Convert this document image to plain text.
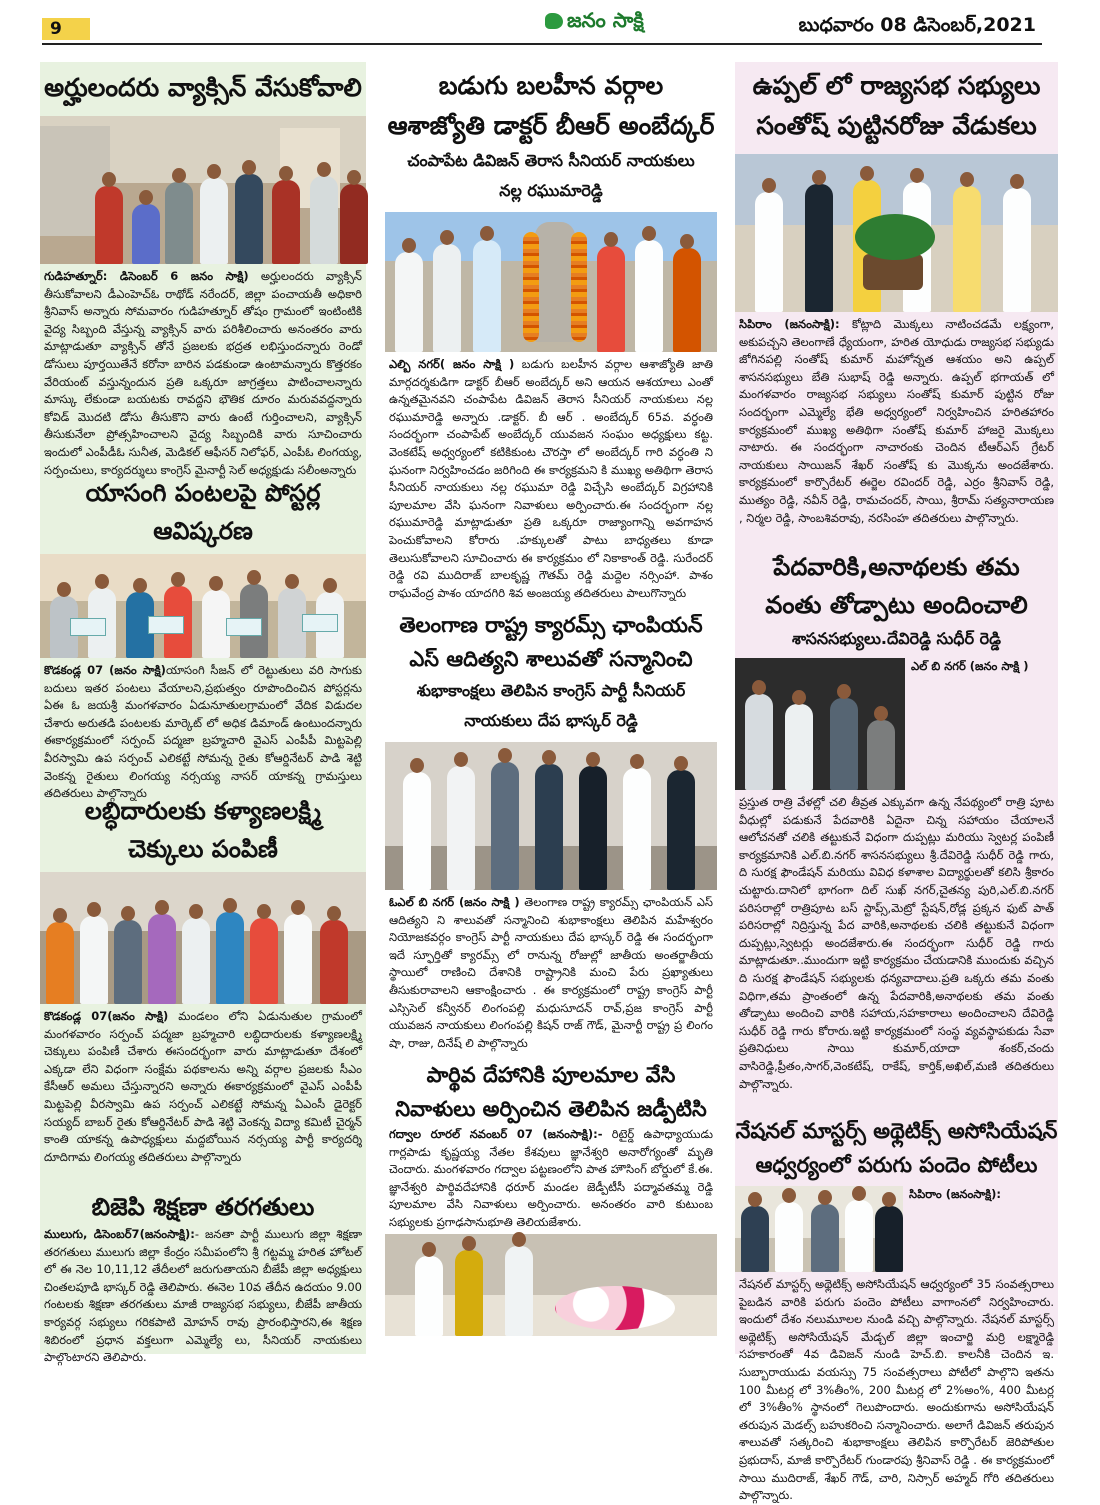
9	జనం సాక్షి	బుధవారం 08 డిసెంబర్,2021
అర్హులందరు వ్యాక్సిన్ వేసుకోవాలి

గుడిహత్నూర్: డిసెంబర్ 6 జనం సాక్షి) అర్హులందరు వ్యాక్సిన్ తీసుకోవాలని డీఎంహెచ్ఓ రాథోడ్ నరేందర్, జిల్లా పంచాయతీ అధికారి శ్రీనివాస్ అన్నారు సోమవారం గుడిహత్నూర్ తోషం గ్రామంలో ఇంటింటికి వైద్య సిబ్బంది వేస్తున్న వ్యాక్సిన్ వారు పరిశీలించారు అనంతరం వారు మాట్లాడుతూ వ్యాక్సిన్ తోనే ప్రజలకు భద్రత లభిస్తుందన్నారు రెండో డోసులు పూర్తయితేనే కరోనా బారిన పడకుండా ఉంటామన్నారు కొత్తరకం వేరియంట్ వస్తున్నందున ప్రతి ఒక్కరూ జాగ్రత్తలు పాటించాలన్నారు మాస్కు లేకుండా బయటకు రావద్దని భౌతిక దూరం మరువవద్దన్నారు కోవిడ్ మొదటి డోసు తీసుకొని వారు ఉంటే గుర్తించాలని, వ్యాక్సిన్ తీసుకునేలా ప్రోత్సహించాలని వైద్య సిబ్బందికి వారు సూచించారు ఇందులో ఎంపీడీఓ సునీత, మెడికల్ ఆఫీసర్ నిలోఫర్, ఎంపీఓ లింగయ్య, సర్పంచులు, కార్యదర్శులు కాంగ్రెస్ మైనార్టీ సెల్ అధ్యక్షుడు సలీంఅన్నారు

యాసంగి పంటలపై పోస్టర్ల
ఆవిష్కరణ

కొడకండ్ల 07 (జనం సాక్షి)యాసంగి సీజన్ లో రెట్టుతులు వరి సాగుకు బదులు ఇతర పంటలు వేయాలని,ప్రభుత్వం రూపొందించిన పోస్టర్లను ఏఈ ఓ జయశ్రీ మంగళవారం ఏడునూతులగ్రామంలో వేదిక విడుదల చేశారు అరుతడి పంటలకు మార్కెట్ లో అధిక డిమాండ్ ఉంటుందన్నారు ఈకార్యక్రమంలో సర్పంచ్ పద్మజా బ్రహ్మచారి వైఎస్ ఎంపీపీ మిట్టపెల్లి వీరస్వామి ఉప సర్పంచ్ ఎలికట్టే సోమన్న రైతు కోఆర్డినేటర్ పాడి శెట్టి వెంకన్న రైతులు లింగయ్య నర్సయ్య నాసర్ యాకన్న గ్రామస్తులు తదితరులు పాల్గొన్నారు

లబ్ధిదారులకు కళ్యాణలక్ష్మి
చెక్కులు పంపిణీ

కొడకండ్ల 07(జనం సాక్షి) మండలం లోని ఏడునుతుల గ్రామంలో మంగళవారం సర్పంచ్ పద్మజా బ్రహ్మచారి లబ్ధిదారులకు కళ్యాణలక్ష్మి చెక్కులు పంపిణీ చేశారు ఈసందర్భంగా వారు మాట్లాడుతూ దేశంలో ఎక్కడా లేని విధంగా సంక్షేమ పథకాలను అన్ని వర్గాల ప్రజలకు సీఎం కేసీఆర్ అమలు చేస్తున్నారని అన్నారు ఈకార్యక్రమంలో వైఎస్ ఎంపీపీ మిట్టపెల్లి వీరస్వామి ఉప సర్పంచ్ ఎలికట్టే సోమన్న ఏఎంసీ డైరెక్టర్ సయ్యద్ బాబర్ రైతు కోఆర్డినేటర్ పాడి శెట్టి వెంకన్న విద్యా కమిటీ చైర్మన్ కాంతి యాకన్న ఉపాధ్యక్షులు మద్దబోయిన నర్సయ్య పార్టీ కార్యదర్శి దూదిగామ లింగయ్య తదితరులు పాల్గొన్నారు

బిజెపి శిక్షణా తరగతులు

ములుగు, డిసెంబర్7(జనంసాక్షి):- జనతా పార్టీ ములుగు జిల్లా శిక్షణా తరగతులు ములుగు జిల్లా కేంద్రం సమీపంలోని శ్రీ గట్టమ్మ హరిత హోటల్ లో ఈ నెల 10,11,12 తేదీలలో జరుగుతాయని బీజేపీ జిల్లా అధ్యక్షులు చింతలపూడి భాస్కర్ రెడ్డి తెలిపారు. ఈనెల 10వ తేదీన ఉదయం 9.00 గంటలకు శిక్షణా తరగతులు మాజీ రాజ్యసభ సభ్యులు, బీజేపీ జాతీయ కార్యవర్గ సభ్యులు గరికపాటి మోహన్ రావు ప్రారంభిస్తారని,ఈ శిక్షణ శిబిరంలో ప్రధాన వక్తలుగా ఎమ్మెల్యే లు, సీనియర్ నాయకులు పాల్గొంటారని తెలిపారు.

బడుగు బలహీన వర్గాల
ఆశాజ్యోతి డాక్టర్ బీఆర్ అంబేద్కర్

చంపాపేట డివిజన్ తెరాస సీనియర్ నాయకులు
నల్ల రఘుమారెడ్డి

ఎల్బి నగర్( జనం సాక్షి ) బడుగు బలహీన వర్గాల ఆశాజ్యోతి జాతి మార్గదర్శకుడిగా డాక్టర్ బీఆర్ అంబేద్కర్ అని ఆయన ఆశయాలు ఎంతో ఉన్నతమైనవని చంపాపేట డివిజన్ తెరాస సీనియర్ నాయకులు నల్ల రఘుమారెడ్డి అన్నారు .డాక్టర్. బీ ఆర్ . అంబేద్కర్ 65వ. వర్ధంతి సందర్భంగా చంపాపేట్ అంబేద్కర్ యువజన సంఘం అధ్యక్షులు కట్ట. వెంకటేష్ అధ్వర్యంలో కటికికుంట చౌరస్తా లో అంబేద్కర్ గారి వర్ధంతి ని ఘనంగా నిర్వహించడం జరిగింది ఈ కార్యక్రమని కి ముఖ్య అతిథిగా తెరాస సీనియర్ నాయకులు నల్ల రఘుమా రెడ్డి విచ్చేసి అంబేద్కర్ విగ్రహానికి పూలమాల వేసి ఘనంగా నివాళులు అర్పించారు.ఈ సందర్భంగా నల్ల రఘుమారెడ్డి మాట్లాడుతూ ప్రతి ఒక్కరూ రాజ్యాంగాన్ని అవగాహన పెంచుకోవాలని కోరారు .హక్కులతో పాటు బాధ్యతలు కూడా తెలుసుకోవాలని సూచించారు ఈ కార్యక్రమం లో నికాకాంత్ రెడ్డి. సురేందర్ రెడ్డి రవి ముదిరాజ్ బాలకృష్ణ గౌతమ్ రెడ్డి మద్దెల నర్సింహా. పాశం రాఘవేంద్ర పాశం యాదగిరి శివ అంజయ్య తదితరులు పాలుగొన్నారు

తెలంగాణ రాష్ట్ర క్యారమ్స్ ఛాంపియన్
ఎస్ ఆదిత్యని శాలువతో సన్మానించి

శుభాకాంక్షలు తెలిపిన కాంగ్రెస్ పార్టీ సీనియర్
నాయకులు దేప భాస్కర్ రెడ్డి

ఓఎల్ బి నగర్ (జనం సాక్షి ) తెలంగాణ రాష్ట్ర క్యారమ్స్ ఛాంపియన్ ఎస్ ఆదిత్యని ని శాలువతో సన్మానించి శుభాకాంక్షలు తెలిపిన మహేశ్వరం నియోజకవర్గం కాంగ్రెస్ పార్టీ నాయకులు దేప భాస్కర్ రెడ్డి ఈ సందర్భంగా ఇదే స్ఫూర్తితో క్యారమ్స్ లో రానున్న రోజుల్లో జాతీయ అంతర్జాతీయ స్థాయిలో రాణించి దేశానికి రాష్ట్రానికి మంచి పేరు ప్రఖ్యాతులు తీసుకురావాలని ఆకాంక్షించారు . ఈ కార్యక్రమంలో రాష్ట్ర కాంగ్రెస్ పార్టీ ఎస్సిసెల్ కన్వీనర్ లింగంపల్లి మధుసూదన్ రావ్,ప్రజ కాంగ్రెస్ పార్టీ యువజన నాయకులు లింగంపల్లి కిషన్ రాజ్ గౌడ్, మైనార్టీ రాష్ట్ర ప్ర లింగం షా, రాజు, దినేష్ లి పాల్గొన్నారు

పార్థివ దేహానికి పూలమాల వేసి
నివాళులు అర్పించిన తెలిపిన జడ్పీటిసి

గద్వాల రూరల్ నవంబర్ 07 (జనంసాక్షి):- రిటైర్డ్ ఉపాధ్యాయుడు గార్లపాడు కృష్ణయ్య నేతల కేశవులు జ్ఞానేశ్వరి అనారోగ్యంతో మృతి చెందారు. మంగళవారం గద్వాల పట్టణంలోని పాత హౌసింగ్ బోర్డులో కే.ఈ. జ్ఞానేశ్వరి పార్థివదేహానికి ధరూర్ మండల జెడ్పీటీసీ పద్మావతమ్మ రెడ్డి పూలమాల వేసి నివాళులు అర్పించారు. అనంతరం వారి కుటుంబ సభ్యులకు ప్రగాఢసానుభూతి తెలియజేశారు.

ఉప్పల్ లో రాజ్యసభ సభ్యులు
సంతోష్ పుట్టినరోజు వేడుకలు

సిపిరాం (జనంసాక్షి): కోట్లాది మొక్కలు నాటించడమే లక్ష్యంగా, అకుపచ్చని తెలంగాణే ధ్యేయంగా, హరిత యోధుడు రాజ్యసభ సభ్యుడు జోగినపల్లి సంతోష్ కుమార్ మహోన్నత ఆశయం అని ఉప్పల్ శాసనసభ్యులు బేతి సుభాష్ రెడ్డి అన్నారు. ఉప్పల్ భగాయత్ లో మంగళవారం రాజ్యసభ సభ్యులు సంతోష్ కుమార్ పుట్టిన రోజు సందర్భంగా ఎమ్మెల్యే భేతి అధ్వర్యంలో నిర్వహించిన హరితహారం కార్యక్రమంలో ముఖ్య అతిథిగా సంతోష్ కుమార్ హాజరై మొక్కలు నాటారు. ఈ సందర్భంగా నాచారంకు చెందిన టీఆర్ఎస్ గ్రేటర్ నాయకులు సాయిజన్ శేఖర్ సంతోష్ కు మొక్కను అందజేశారు. కార్యక్రమంలో కార్పొరేటర్ ఈర్జెల రవిందర్ రెడ్డి, ఎర్రం శ్రీనివాస్ రెడ్డి, ముత్యం రెడ్డి, నవీన్ రెడ్డి, రామచందర్, సాయి, శ్రీరామ్ సత్యనారాయణ , నిర్మల రెడ్డి, సాంబశివరావు, నరసింహ తదితరులు పాల్గొన్నారు.

పేదవారికి,అనాథలకు తమ
వంతు తోడ్పాటు అందించాలి

శాసనసభ్యులు.దేవిరెడ్డి సుధీర్ రెడ్డి

ఎల్ బి నగర్ (జనం సాక్షి )

ప్రస్తుత రాత్రి వేళల్లో చలి తీవ్రత ఎక్కువగా ఉన్న నేపథ్యంలో రాత్రి పూట వీధుల్లో పడుకునే పేదవారికి ఏదైనా చిన్న సహాయం చేయాలనే ఆలోచనతో చలికి తట్టుకునే విధంగా దుప్పట్లు మరియు స్వెటర్ల పంపిణీ కార్యక్రమానికి ఎల్.బి.నగర్ శాసనసభ్యులు శ్రీ.దేవిరెడ్డి సుధీర్ రెడ్డి గారు, ది సురక్ష ఫౌండేషన్ మరియు వివిధ కళాశాల విద్యార్థులతో కలిసి శ్రీకారం చుట్టారు.దానిలో భాగంగా దిల్ సుఖ్ నగర్,చైతన్య పురి,ఎల్.బి.నగర్ పరిసరాల్లో రాత్రిపూట బస్ స్టాప్స్,మెట్రో స్టేషన్,రోడ్ల ప్రక్కన ఫుట్ పాత్ పరిసరాల్లో నిద్రిస్తున్న పేద వారికి,అనాథలకు చలికి తట్టుకునే విధంగా దుప్పట్లు,స్వెటర్లు అందజేశారు.ఈ సందర్భంగా సుధీర్ రెడ్డి గారు మాట్లాడుతూ..ముందుగా ఇట్టి కార్యక్రమం చేయడానికి ముందుకు వచ్చిన ది సురక్ష ఫౌండేషన్ సభ్యులకు ధన్యవాదాలు.ప్రతి ఒక్కరు తమ వంతు విధిగా,తమ ప్రాంతంలో ఉన్న పేదవారికి,అనాథలకు తమ వంతు తోడ్పాటు అందించి వారికి సహాయ,సహకారాలు అందించాలని దేవిరెడ్డి సుధీర్ రెడ్డి గారు కోరారు.ఇట్టి కార్యక్రమంలో సంస్థ వ్యవస్థాపకుడు సేవా ప్రతినిధులు సాయి కుమార్,యాదా శంకర్,చందు వాసిరెడ్డి,ప్రీతం,సాగర్,వెంకటేష్, రాకేష్, కార్తిక్,అఖిల్,మణి తదితరులు పాల్గొన్నారు.

నేషనల్ మాస్టర్స్ అథ్లెటిక్స్ అసోసియేషన్
ఆధ్వర్యంలో పరుగు పందెం పోటీలు

సిపిరాం (జనంసాక్షి):

నేషనల్ మాస్టర్స్ అథ్లెటిక్స్ అసోసియేషన్ ఆధ్వర్యంలో 35 సంవత్సరాలు పైబడిన వారికి పరుగు పందెం పోటీలు వాగాంనలో నిర్వహించారు. ఇందులో దేశం నలుమూలల నుండి వచ్చి పాల్గొన్నారు. నేషనల్ మాస్టర్స్ అథ్లెటిక్స్ అసోసియేషన్ మేడ్చల్ జిల్లా ఇంచార్జి మర్రి లక్ష్మారెడ్డి సహకారంతో 4వ డివిజన్ నుండి హెచ్.బి. కాలనీకి చెందిన ఇ. సుబ్బారాయుడు వయస్సు 75 సంవత్సరాలు పోటీలో పాల్గొని ఇతను 100 మీటర్ల లో 3%తీం%, 200 మీటర్ల లో 2%అం%, 400 మీటర్ల లో 3%తీం% స్థానంలో గెలుపొందారు. అందుకుగాను అసోసియేషన్ తరుపున మెడల్స్ బహుకరించి సన్మానించారు. అలాగే డివిజన్ తరుపున శాలువతో సత్కరించి శుభాకాంక్షలు తెలిపిన కార్పొరేటర్ జెరిపోతుల ప్రభుదాస్, మాజీ కార్పొరేటర్ గుండారపు శ్రీనివాస్ రెడ్డి . ఈ కార్యక్రమంలో సాయి ముదిరాజ్, శేఖర్ గౌడ్, చారి, నిస్సార్ అహ్మద్ గోరి తదితరులు పాల్గొన్నారు.
